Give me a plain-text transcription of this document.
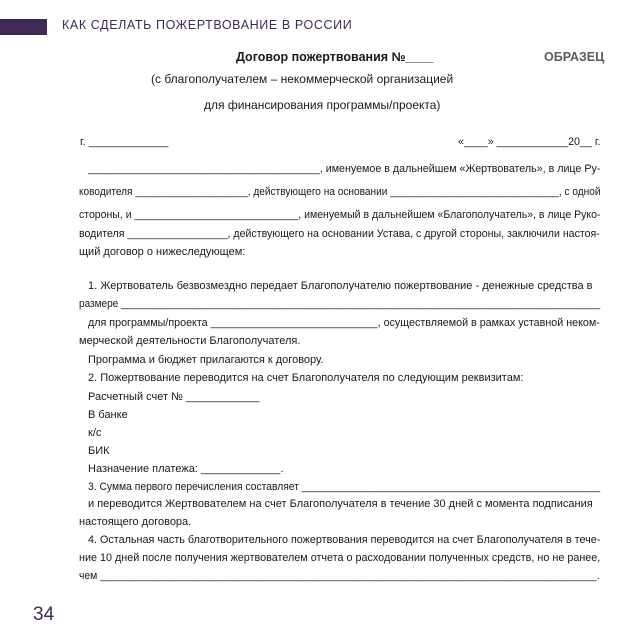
КАК СДЕЛАТЬ ПОЖЕРТВОВАНИЕ В РОССИИ
Договор пожертвования №____	ОБРАЗЕЦ
(с благополучателем – некоммерческой организацией
для финансирования программы/проекта)
г. _____________	«____» ____________20__ г.
_______________________________________, именуемое в дальнейшем «Жертвователь», в лице Ру-
ководителя ____________________, действующего на основании ______________________________, с одной
стороны, и ____________________________, именуемый в дальнейшем «Благополучатель», в лице Руко-
водителя _________________, действующего на основании Устава, с другой стороны, заключили настоя-
щий договор о нижеследующем:
1. Жертвователь безвозмездно передает Благополучателю пожертвование - денежные средства в
размере ______________________________________________________________________________________
для программы/проекта ____________________________, осуществляемой в рамках уставной неком-
мерческой деятельности Благополучателя.
Программа и бюджет прилагаются к договору.
2. Пожертвование переводится на счет Благополучателя по следующим реквизитам:
Расчетный счет № ____________
В банке
к/с
БИК
Назначение платежа: _____________.
3. Сумма первого перечисления составляет ____________________________________________________
и переводится Жертвователем на счет Благополучателя в течение 30 дней с момента подписания
настоящего договора.
4. Остальная часть благотворительного пожертвования переводится на счет Благополучателя в тече-
ние 10 дней после получения жертвователем отчета о расходовании полученных средств, но не ранее,
чем ______________________________________________________________________________________.
34
